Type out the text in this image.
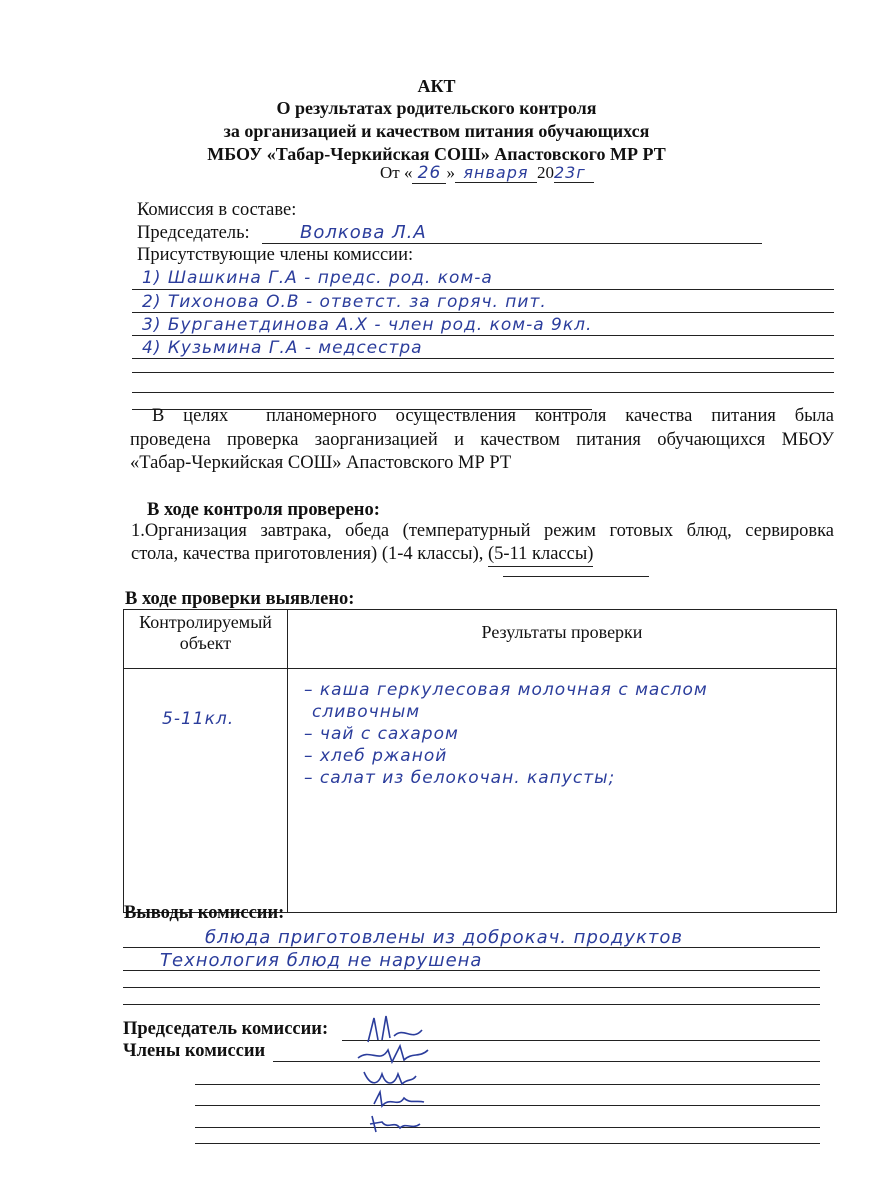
АКТ
О результатах родительского контроля
за организацией и качеством питания обучающихся
МБОУ «Табар-Черкийская СОШ» Апастовского МР РТ
От « 26 » января 2023г
Комиссия в составе:
Председатель:	Волкова Л.А
Присутствующие члены комиссии:
1) Шашкина Г.А - предс. род. ком-а
2) Тихонова О.В - ответст. за горяч. пит.
3) Бурганетдинова А.Х - член род. ком-а 9кл.
4) Кузьмина Г.А - медсестра
В целях  планомерного осуществления контроля качества питания была
проведена проверка заорганизацией и качеством питания обучающихся МБОУ
«Табар-Черкийская СОШ» Апастовского МР РТ
В ходе контроля проверено:
1.Организация завтрака, обеда (температурный режим готовых блюд, сервировка
стола, качества приготовления) (1-4 классы), (5-11 классы)
В ходе проверки выявлено:
Контролируемый
объект	Результаты проверки

5-11кл.	– каша геркулесовая молочная с маслом
сливочным
– чай с сахаром
– хлеб ржаной
– салат из белокочан. капусты;
Выводы комиссии:
блюда приготовлены из доброкач. продуктов
Технология блюд не нарушена
Председатель комиссии:
Члены комиссии
